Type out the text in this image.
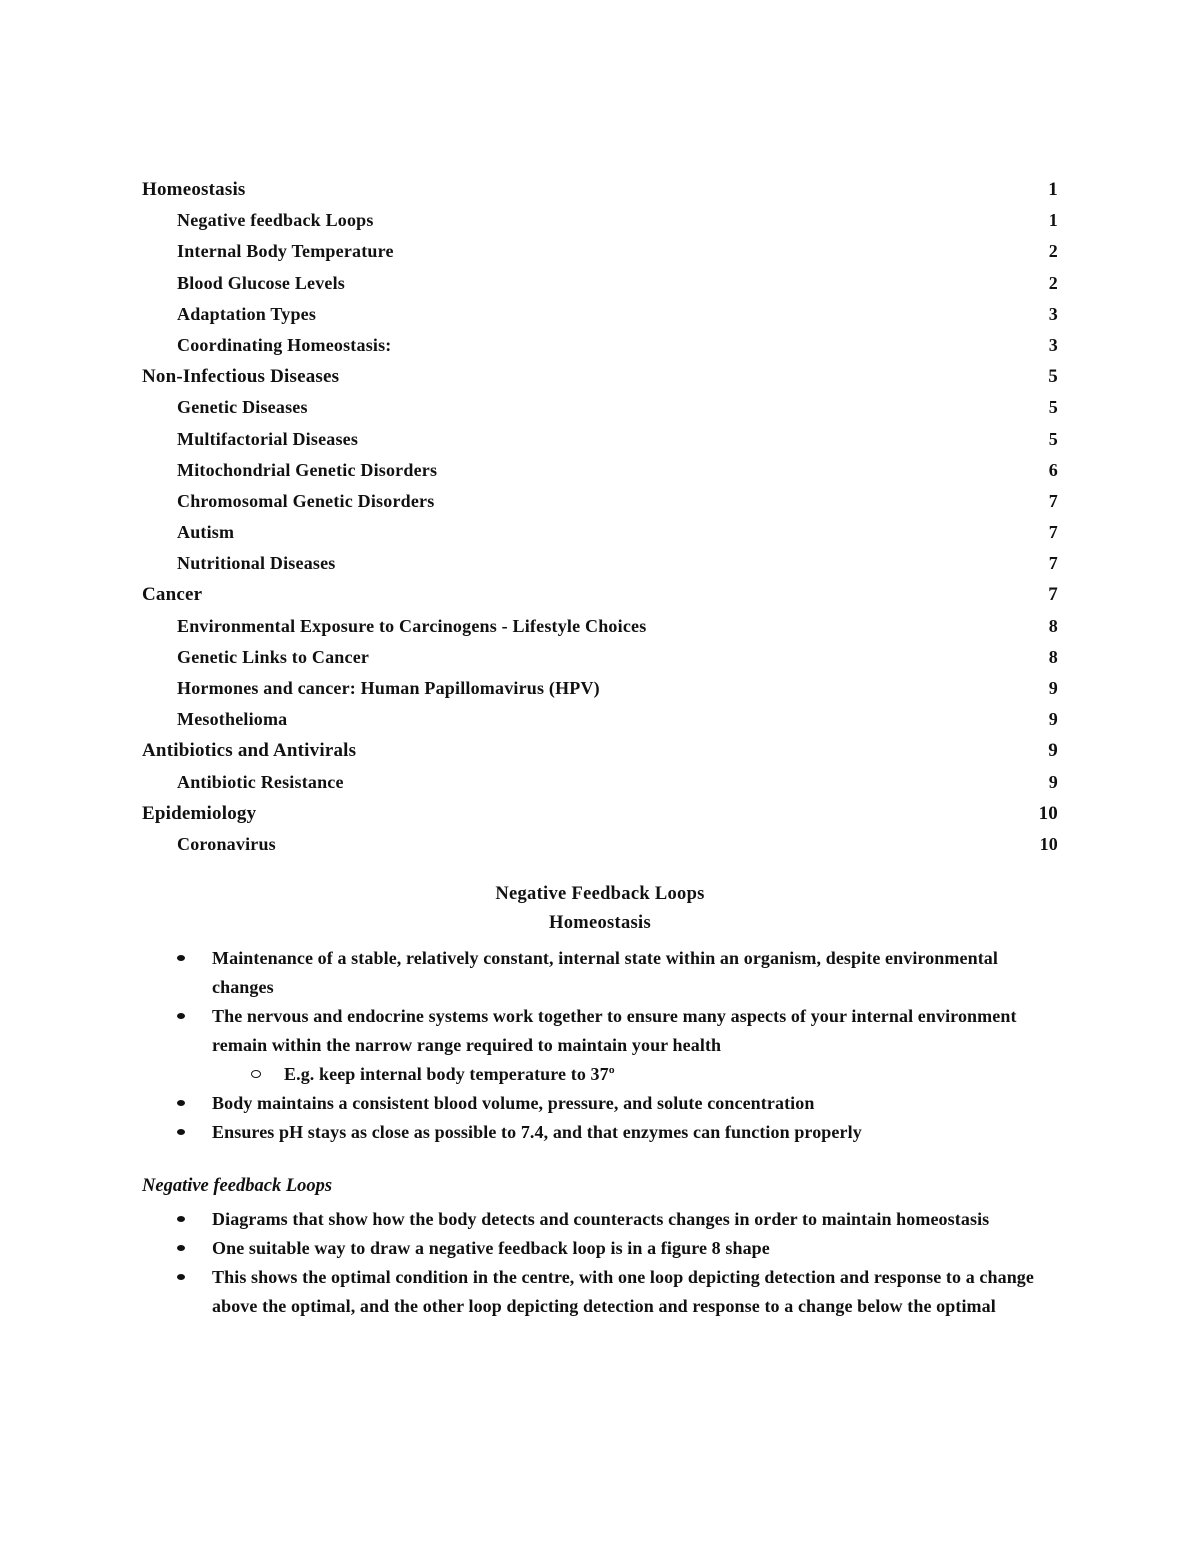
Homeostasis	1
Negative feedback Loops	1
Internal Body Temperature	2
Blood Glucose Levels	2
Adaptation Types	3
Coordinating Homeostasis:	3
Non-Infectious Diseases	5
Genetic Diseases	5
Multifactorial Diseases	5
Mitochondrial Genetic Disorders	6
Chromosomal Genetic Disorders	7
Autism	7
Nutritional Diseases	7
Cancer	7
Environmental Exposure to Carcinogens - Lifestyle Choices	8
Genetic Links to Cancer	8
Hormones and cancer: Human Papillomavirus (HPV)	9
Mesothelioma	9
Antibiotics and Antivirals	9
Antibiotic Resistance	9
Epidemiology	10
Coronavirus	10
Negative Feedback Loops
Homeostasis
Maintenance of a stable, relatively constant, internal state within an organism, despite environmental changes
The nervous and endocrine systems work together to ensure many aspects of your internal environment remain within the narrow range required to maintain your health
E.g. keep internal body temperature to 37º
Body maintains a consistent blood volume, pressure, and solute concentration
Ensures pH stays as close as possible to 7.4, and that enzymes can function properly
Negative feedback Loops
Diagrams that show how the body detects and counteracts changes in order to maintain homeostasis
One suitable way to draw a negative feedback loop is in a figure 8 shape
This shows the optimal condition in the centre, with one loop depicting detection and response to a change above the optimal, and the other loop depicting detection and response to a change below the optimal
